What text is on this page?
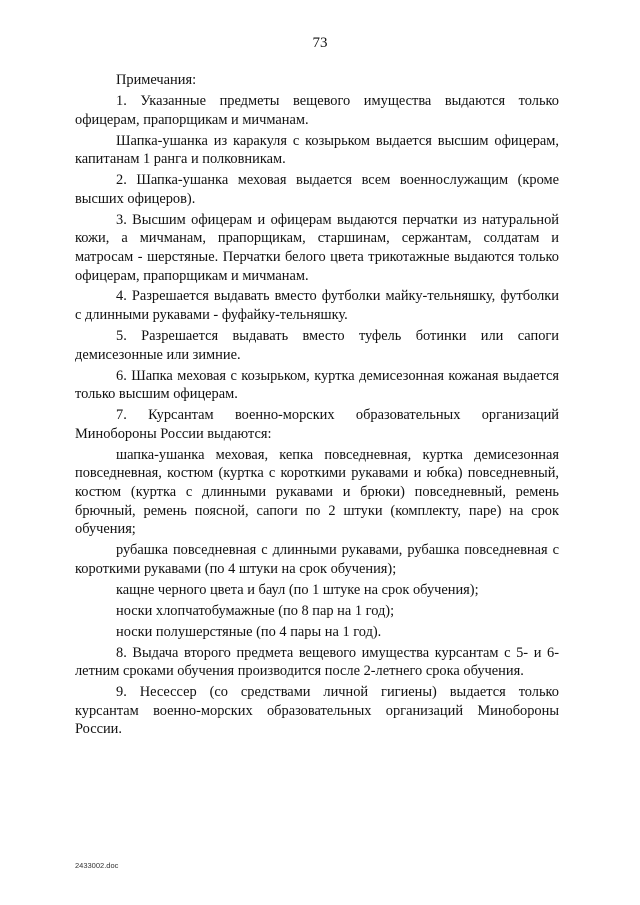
73

Примечания:

1. Указанные предметы вещевого имущества выдаются только офицерам, прапорщикам и мичманам.

Шапка-ушанка из каракуля с козырьком выдается высшим офицерам, капитанам 1 ранга и полковникам.

2. Шапка-ушанка меховая выдается всем военнослужащим (кроме высших офицеров).

3. Высшим офицерам и офицерам выдаются перчатки из натуральной кожи, а мичманам, прапорщикам, старшинам, сержантам, солдатам и матросам - шерстяные. Перчатки белого цвета трикотажные выдаются только офицерам, прапорщикам и мичманам.

4. Разрешается выдавать вместо футболки майку-тельняшку, футболки с длинными рукавами - фуфайку-тельняшку.

5. Разрешается выдавать вместо туфель ботинки или сапоги демисезонные или зимние.

6. Шапка меховая с козырьком, куртка демисезонная кожаная выдается только высшим офицерам.

7. Курсантам военно-морских образовательных организаций Минобороны России выдаются:

шапка-ушанка меховая, кепка повседневная, куртка демисезонная повседневная, костюм (куртка с короткими рукавами и юбка) повседневный, костюм (куртка с длинными рукавами и брюки) повседневный, ремень брючный, ремень поясной, сапоги по 2 штуки (комплекту, паре) на срок обучения;

рубашка повседневная с длинными рукавами, рубашка повседневная с короткими рукавами (по 4 штуки на срок обучения);

кащне черного цвета и баул (по 1 штуке на срок обучения);

носки хлопчатобумажные (по 8 пар на 1 год);

носки полушерстяные (по 4 пары на 1 год).

8. Выдача второго предмета вещевого имущества курсантам с 5- и 6-летним сроками обучения производится после 2-летнего срока обучения.

9. Несессер (со средствами личной гигиены) выдается только курсантам военно-морских образовательных организаций Минобороны России.

2433002.doc
